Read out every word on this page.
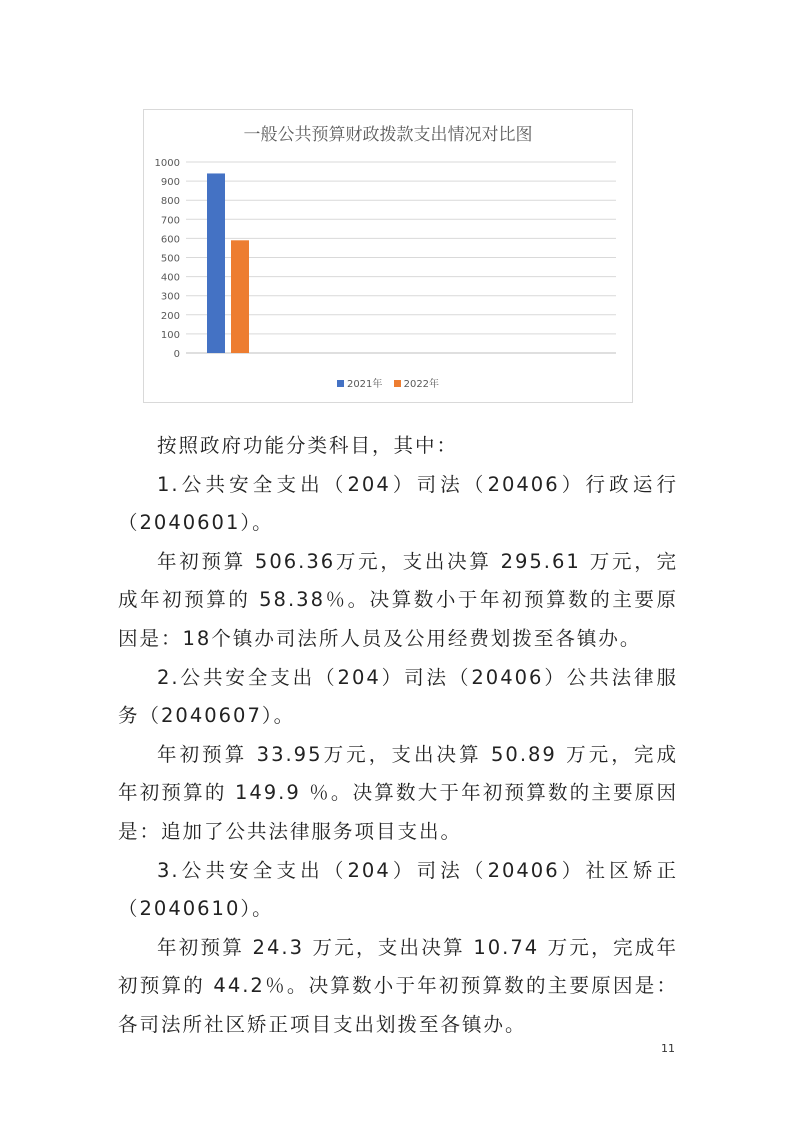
一般公共预算财政拨款支出情况对比图
0
100
200
300
400
500
600
700
800
900
1000
2021年 2022年

按照政府功能分类科目，其中：

1.公共安全支出（204）司法（20406）行政运行（2040601）。

年初预算 506.36万元，支出决算 295.61 万元，完成年初预算的 58.38％。决算数小于年初预算数的主要原因是：18个镇办司法所人员及公用经费划拨至各镇办。

2.公共安全支出（204）司法（20406）公共法律服务（2040607）。

年初预算 33.95万元，支出决算 50.89 万元，完成年初预算的 149.9 ％。决算数大于年初预算数的主要原因是：追加了公共法律服务项目支出。

3.公共安全支出（204）司法（20406）社区矫正（2040610）。

年初预算 24.3 万元，支出决算 10.74 万元，完成年初预算的 44.2％。决算数小于年初预算数的主要原因是：各司法所社区矫正项目支出划拨至各镇办。

11
